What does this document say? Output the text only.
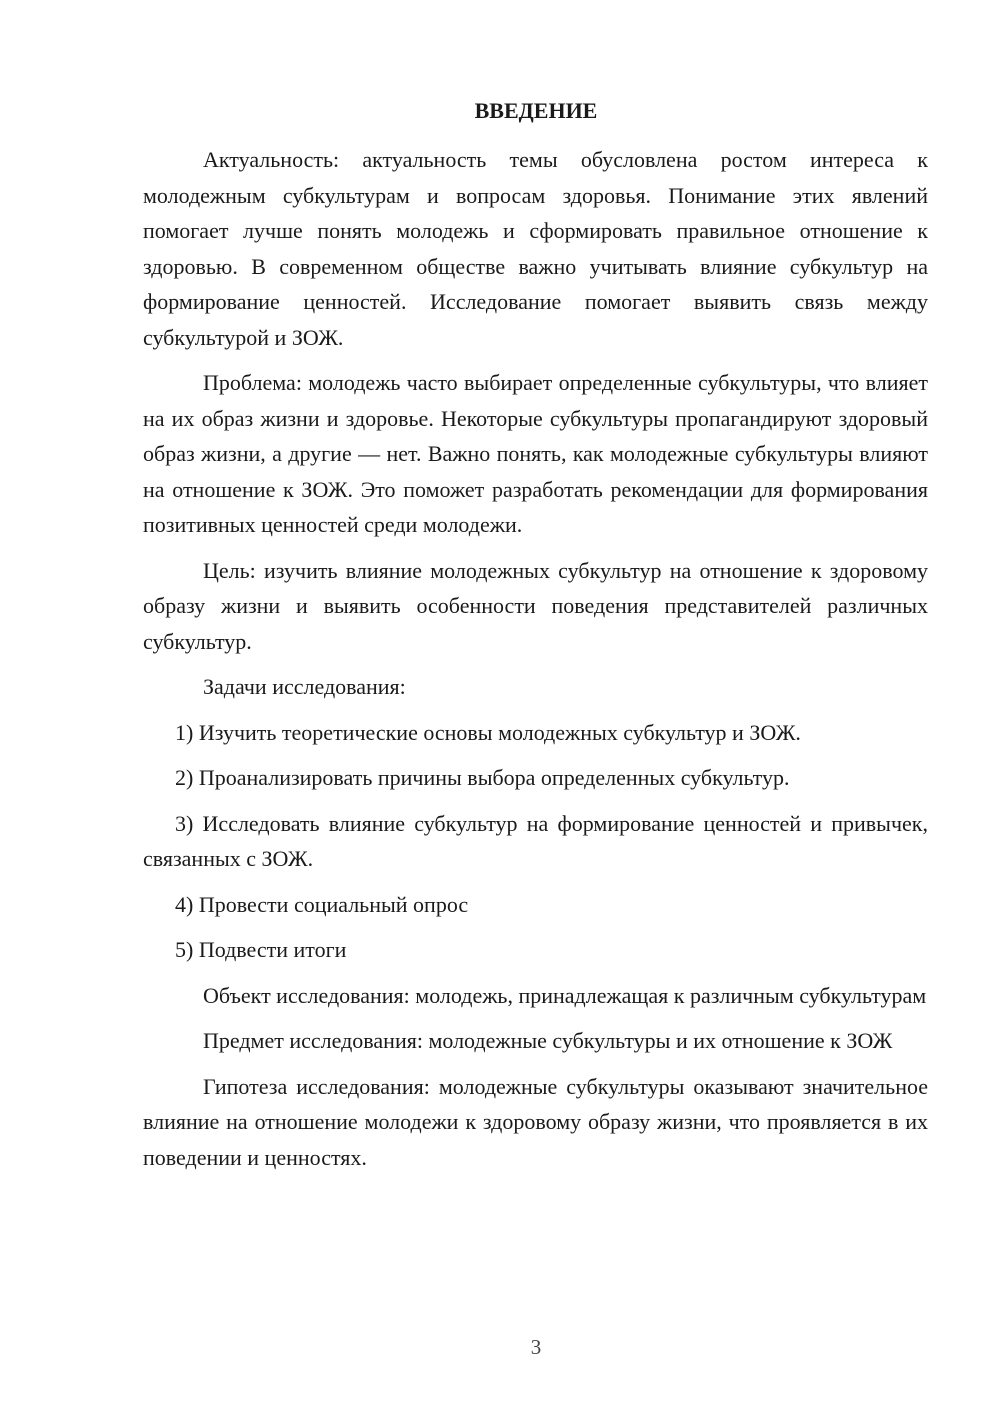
ВВЕДЕНИЕ

Актуальность: актуальность темы обусловлена ростом интереса к молодежным субкультурам и вопросам здоровья. Понимание этих явлений помогает лучше понять молодежь и сформировать правильное отношение к здоровью. В современном обществе важно учитывать влияние субкультур на формирование ценностей. Исследование помогает выявить связь между субкультурой и ЗОЖ.

Проблема: молодежь часто выбирает определенные субкультуры, что влияет на их образ жизни и здоровье. Некоторые субкультуры пропагандируют здоровый образ жизни, а другие — нет. Важно понять, как молодежные субкультуры влияют на отношение к ЗОЖ. Это поможет разработать рекомендации для формирования позитивных ценностей среди молодежи.

Цель: изучить влияние молодежных субкультур на отношение к здоровому образу жизни и выявить особенности поведения представителей различных субкультур.

Задачи исследования:

1) Изучить теоретические основы молодежных субкультур и ЗОЖ.

2) Проанализировать причины выбора определенных субкультур.

3) Исследовать влияние субкультур на формирование ценностей и привычек, связанных с ЗОЖ.

4) Провести социальный опрос

5) Подвести итоги

Объект исследования: молодежь, принадлежащая к различным субкультурам

Предмет исследования: молодежные субкультуры и их отношение к ЗОЖ

Гипотеза исследования: молодежные субкультуры оказывают значительное влияние на отношение молодежи к здоровому образу жизни, что проявляется в их поведении и ценностях.

3
